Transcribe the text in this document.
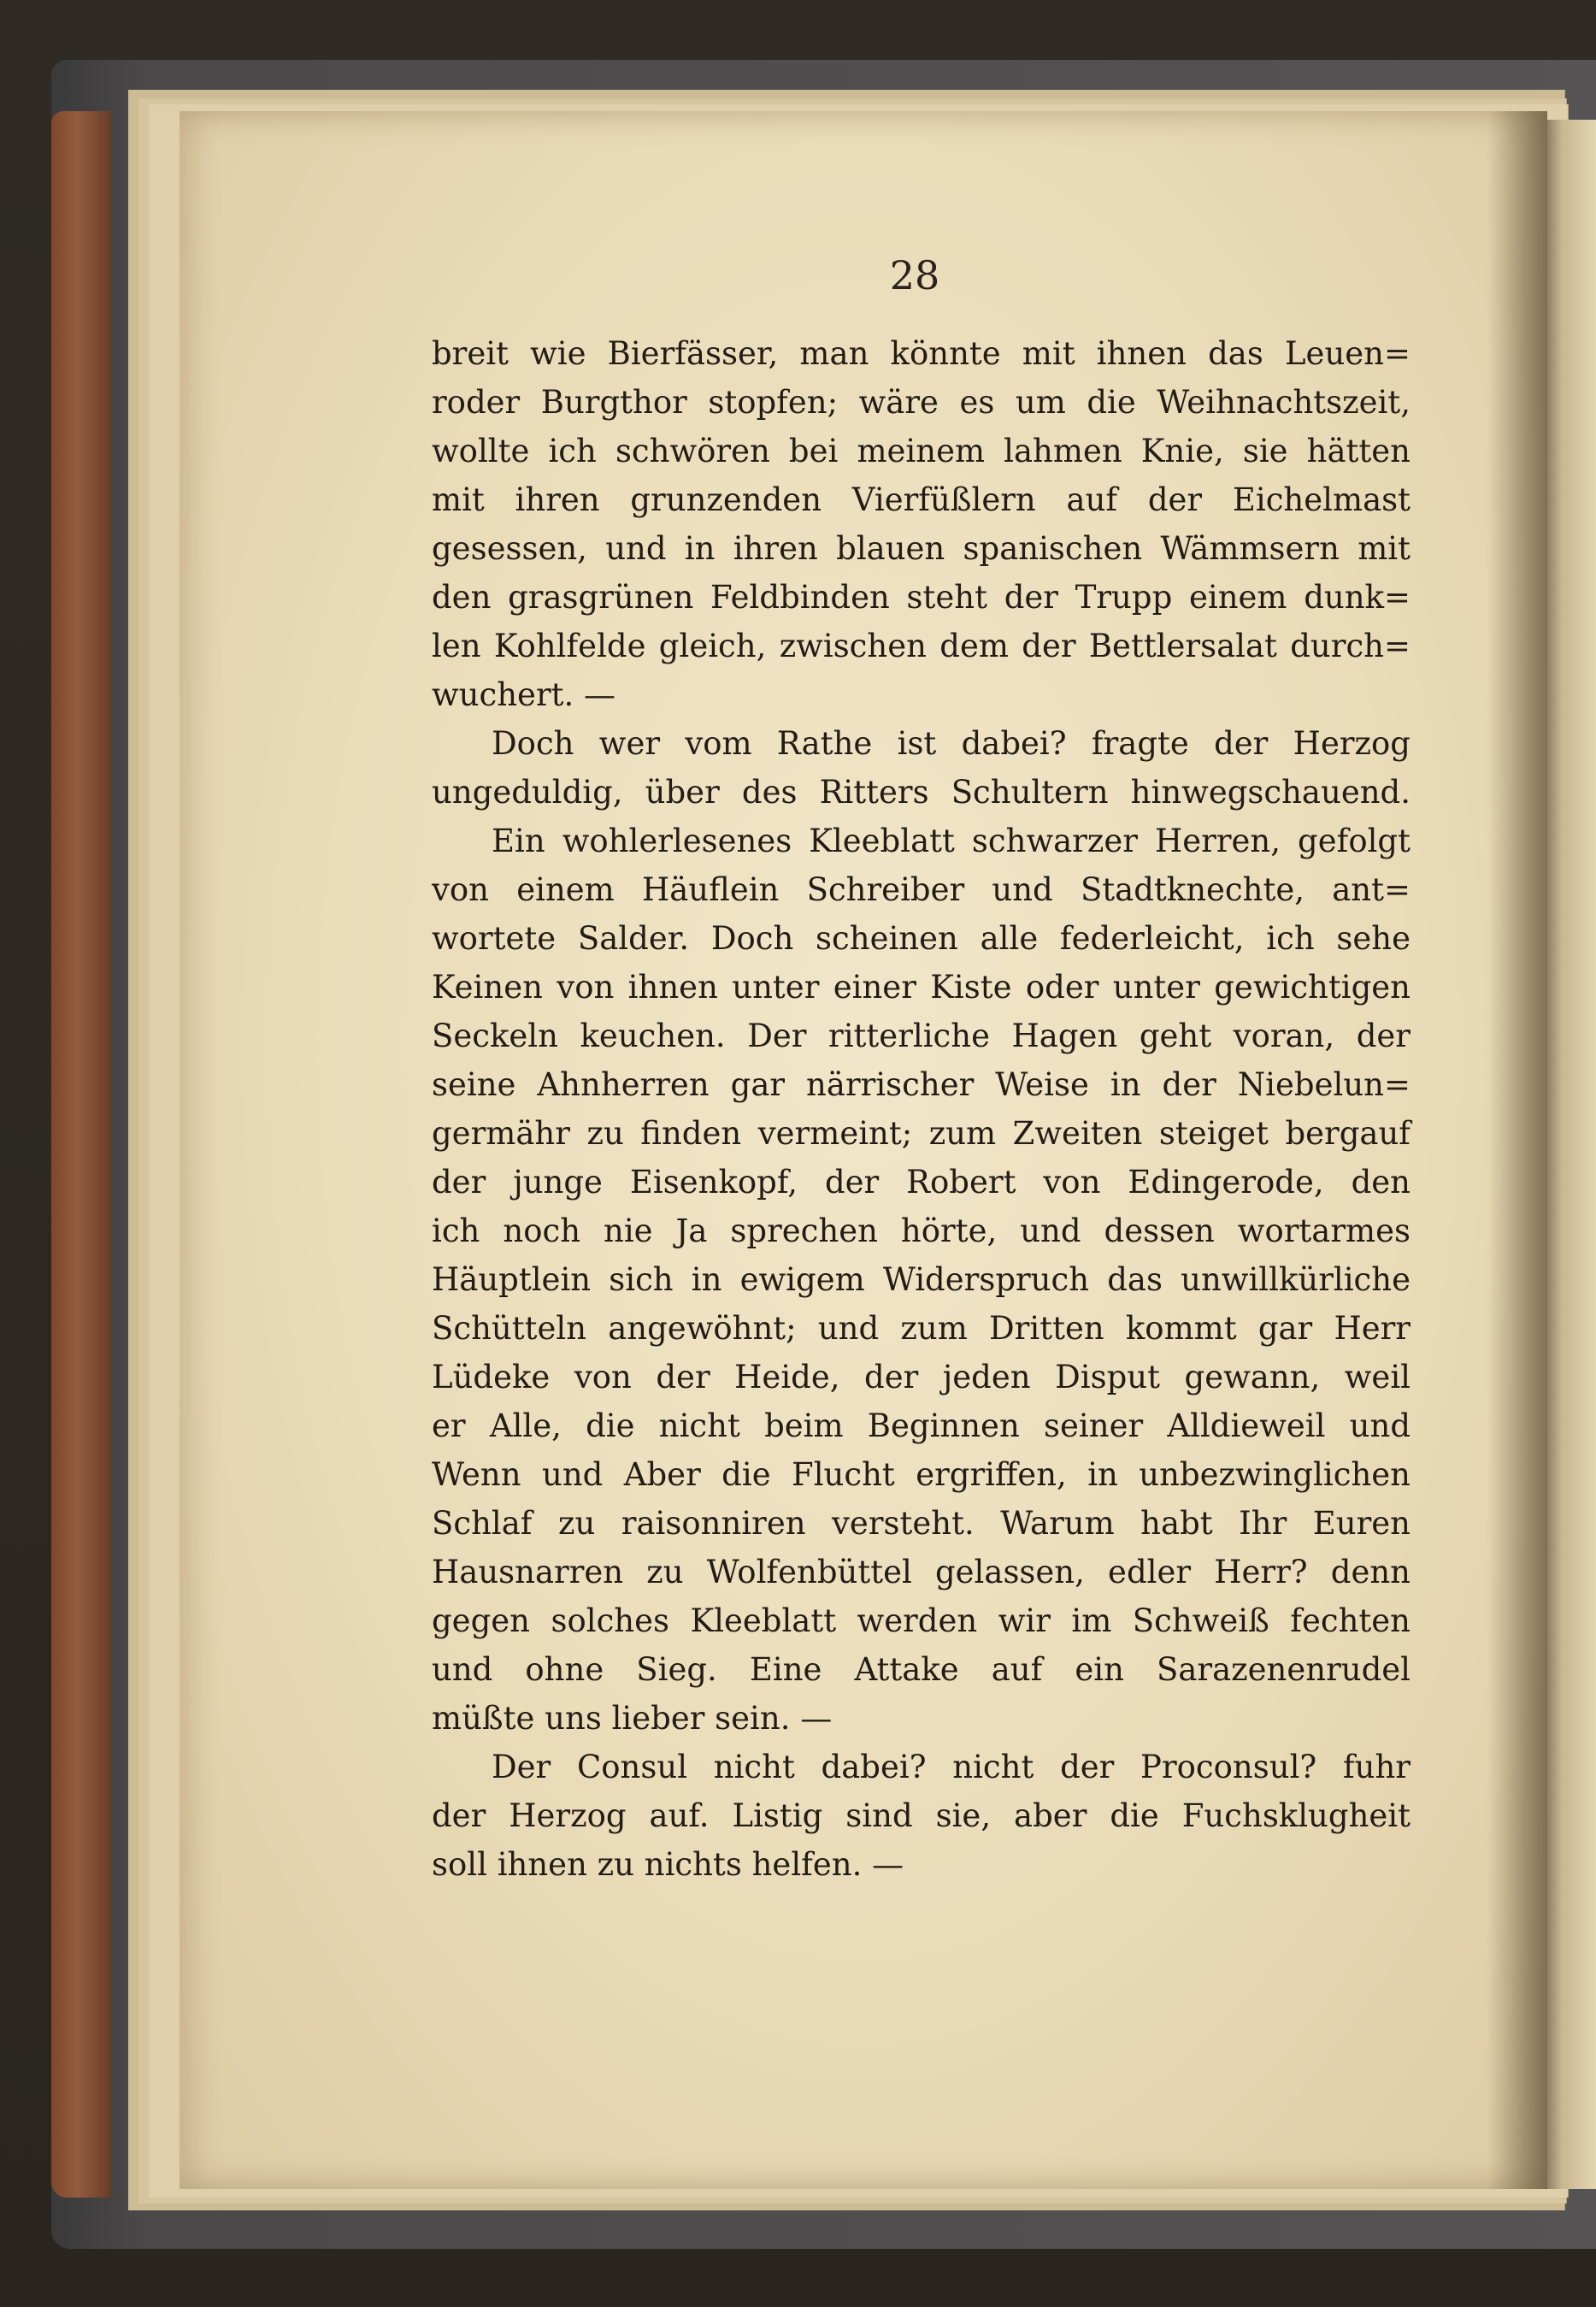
28
breit wie Bierfässer, man könnte mit ihnen das Leuen=
roder Burgthor stopfen; wäre es um die Weihnachtszeit,
wollte ich schwören bei meinem lahmen Knie, sie hätten
mit ihren grunzenden Vierfüßlern auf der Eichelmast
gesessen, und in ihren blauen spanischen Wämmsern mit
den grasgrünen Feldbinden steht der Trupp einem dunk=
len Kohlfelde gleich, zwischen dem der Bettlersalat durch=
wuchert. —
Doch wer vom Rathe ist dabei? fragte der Herzog
ungeduldig, über des Ritters Schultern hinwegschauend.
Ein wohlerlesenes Kleeblatt schwarzer Herren, gefolgt
von einem Häuflein Schreiber und Stadtknechte, ant=
wortete Salder. Doch scheinen alle federleicht, ich sehe
Keinen von ihnen unter einer Kiste oder unter gewichtigen
Seckeln keuchen. Der ritterliche Hagen geht voran, der
seine Ahnherren gar närrischer Weise in der Niebelun=
germähr zu finden vermeint; zum Zweiten steiget bergauf
der junge Eisenkopf, der Robert von Edingerode, den
ich noch nie Ja sprechen hörte, und dessen wortarmes
Häuptlein sich in ewigem Widerspruch das unwillkürliche
Schütteln angewöhnt; und zum Dritten kommt gar Herr
Lüdeke von der Heide, der jeden Disput gewann, weil
er Alle, die nicht beim Beginnen seiner Alldieweil und
Wenn und Aber die Flucht ergriffen, in unbezwinglichen
Schlaf zu raisonniren versteht. Warum habt Ihr Euren
Hausnarren zu Wolfenbüttel gelassen, edler Herr? denn
gegen solches Kleeblatt werden wir im Schweiß fechten
und ohne Sieg. Eine Attake auf ein Sarazenenrudel
müßte uns lieber sein. —
Der Consul nicht dabei? nicht der Proconsul? fuhr
der Herzog auf. Listig sind sie, aber die Fuchsklugheit
soll ihnen zu nichts helfen. —
